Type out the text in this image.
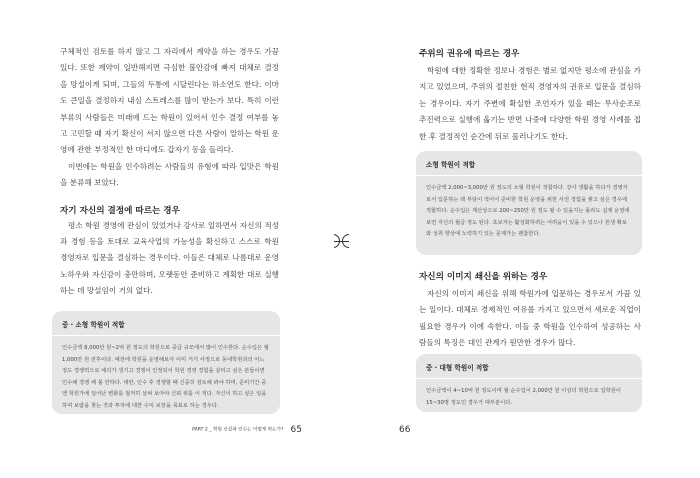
구체적인 검토를 하지 않고 그 자리에서 계약을 하는 경우도 가끔 있다. 또한 계약이 일반해지면 극심한 불안감에 빠져 대체로 결정을 망설이게 되며, 그들의 두통에 시달린다는 하소연도 한다. 이마도 큰일을 결정하지 내심 스트레스를 많이 받는가 보다. 특히 이런 부류의 사람들은 미래에 드는 학원이 있어서 인수 결정 여부를 놓고 고민할 때 자기 확신이 서지 않으면 다른 사람이 말하는 학원 운영에 관한 부정적인 한 마디에도 갑자기 동을 들리다.

이번에는 학원을 인수하려는 사람들의 유형에 따라 입맛은 학원을 분류해 보았다.

자기 자신의 결정에 따르는 경우

평소 학원 경영에 관심이 있었거나 강사로 일하면서 자신의 적성과 경험 등을 토대로 교육사업의 가능성을 확신하고 스스로 학원 경영자로 입문을 결심하는 경우이다. 이들은 대체로 나름대로 운영 노하우와 자신감이 충만하며, 오랫동안 준비하고 계획한 대로 실행하는 데 망설임이 거의 없다.

중 · 소형 학원이 적합

인수금액 8,000만 원~2억 원 정도의 학원으로 중급 규모에서 많이 인수한다. 순수입은 월 1,000만 원 전후이다. 예전에 학원을 운영해보아 이미 거기 사정으로 동네학원과의 어느 정도 경쟁력으로 예의가 생기고 경쟁이 인정되어 학원 경영 경험을 살리고 싶은 분들이면 인수해 경쟁 해 볼 만하다. 대만, 인수 후 경쟁할 때 신중히 검토해 봐야 하며, 준비기간 중엔 학원가에 일어난 변화를 철저히 살펴 보아야 신뢰 위를 이 적다. 자신이 하고 싶은 일을 하며 보람을 찾는 것과 투자에 대한 수익 보장을 목표로 하는 경우다.

PART 2 _ 학원 신설과 인수는 어떻게 하는가? 65
주위의 권유에 따르는 경우

학원에 대한 정확한 정보나 경험은 별로 없지만 평소에 관심을 가지고 있었으며, 주위의 절친한 현직 경영자의 권유로 입문을 결심하는 경우이다. 자기 주변에 확실한 조언자가 있을 때는 무사순조로 추진력으로 실행에 옮기는 반면 나중에 다양한 학원 경영 사례를 접한 후 결정적인 순간에 뒤로 물러나기도 한다.

소형 학원이 적합

인수금액 2,000~3,000만 원 정도의 소형 학원이 적합하다. 강사 생활을 하다가 경영자로서 입문하는 데 부담이 적어서 준비한 학원 운영을 위한 사전 경험을 쌓고 싶은 경우에 적합하다. 순수입은 계산상으로 200~250만 원 정도 될 수 있을지는 몰라도 실제 운영에 보면 자신의 월급 정도 된다. 초보자는 활성화하려는 어려움이 있을 수 있으나 원생 확보와 성취 향상에 노력하기 있는 문제가는 괜찮한다.

자신의 이미지 쇄신을 위하는 경우

자신의 이미지 쇄신을 위해 학원가에 입문하는 경우로서 가끔 있는 일이다. 대체로 경제적인 여유를 가지고 있으면서 새로운 직업이 필요한 경우가 이에 속한다. 이들 중 학원을 인수하여 성공하는 사람들의 특징은 대인 관계가 원만한 경우가 많다.

중 · 대형 학원이 적합

인수금액이 4~10억 원 정도이며 월 순수입이 2,000만 원 이상의 학원으로 입학원이 15~30명 정도인 경우가 대부분이다.

66
